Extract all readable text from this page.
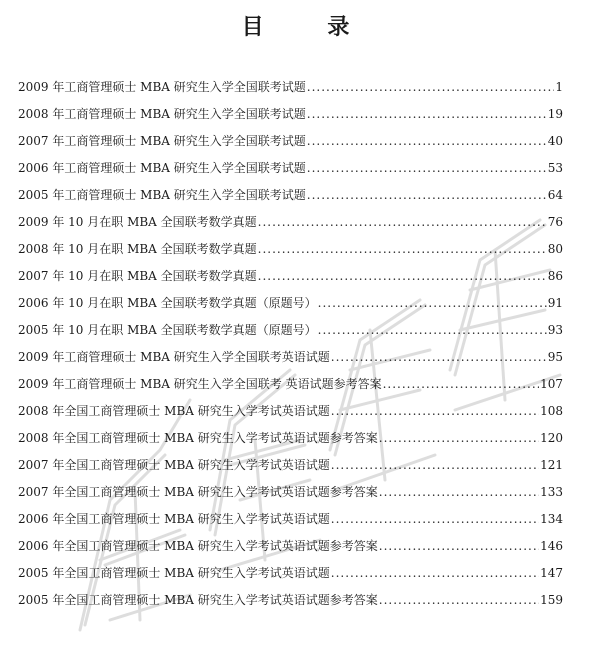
目 录
2009 年工商管理硕士 MBA 研究生入学全国联考试题 .....	1
2008 年工商管理硕士 MBA 研究生入学全国联考试题 .....	19
2007 年工商管理硕士 MBA 研究生入学全国联考试题 .....	40
2006 年工商管理硕士 MBA 研究生入学全国联考试题 .....	53
2005 年工商管理硕士 MBA 研究生入学全国联考试题 .....	64
2009 年 10 月在职 MBA 全国联考数学真题 .....	76
2008 年 10 月在职 MBA 全国联考数学真题 .....	80
2007 年 10 月在职 MBA 全国联考数学真题 .....	86
2006 年 10 月在职 MBA 全国联考数学真题（原题号） .....	91
2005 年 10 月在职 MBA 全国联考数学真题（原题号） .....	93
2009 年工商管理硕士 MBA 研究生入学全国联考英语试题 .....	95
2009 年工商管理硕士 MBA 研究生入学全国联考 英语试题参考答案 .....	107
2008 年全国工商管理硕士 MBA 研究生入学考试英语试题 .....	108
2008 年全国工商管理硕士 MBA 研究生入学考试英语试题参考答案 .....	120
2007 年全国工商管理硕士 MBA 研究生入学考试英语试题 .....	121
2007 年全国工商管理硕士 MBA 研究生入学考试英语试题参考答案 .....	133
2006 年全国工商管理硕士 MBA 研究生入学考试英语试题 .....	134
2006 年全国工商管理硕士 MBA 研究生入学考试英语试题参考答案 .....	146
2005 年全国工商管理硕士 MBA 研究生入学考试英语试题 .....	147
2005 年全国工商管理硕士 MBA 研究生入学考试英语试题参考答案 .....	159
